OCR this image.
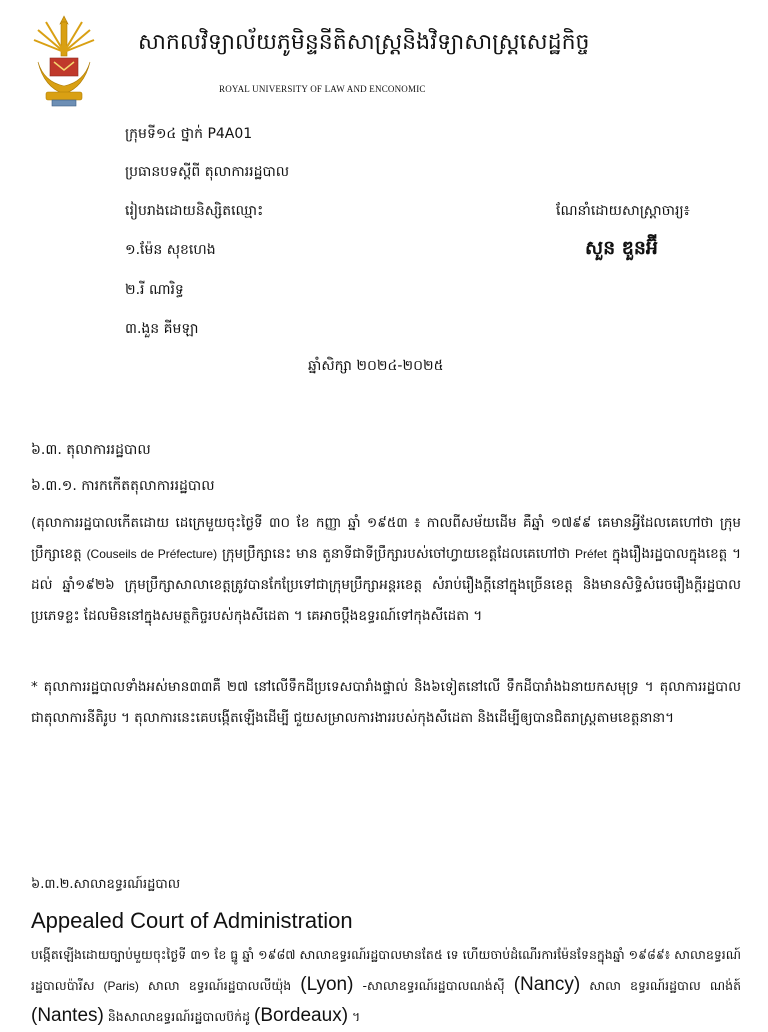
សាកលវិទ្យាល័យភូមិន្ទនីតិសាស្ត្រនិងវិទ្យាសាស្ត្រសេដ្ឋកិច្ច
ROYAL UNIVERSITY OF LAW AND ENCONOMIC
ក្រុមទី១៤ ថ្នាក់ P4A01
ប្រធានបទស្តីពី តុលាការរដ្ឋបាល
រៀបរាងដោយនិស្សិតឈ្មោះ
១.ម៉ែន សុខហេង
២.រី ណារិទ្ធ
៣.ងួន គីមឡា
ណែនាំដោយសាស្ត្រាចារ្យ៖
សួន ឌួនអ៊ី
ឆ្នាំសិក្សា ២០២៤-២០២៥
៦.៣. តុលាការរដ្ឋបាល
៦.៣.១. ការកកើតតុលាការរដ្ឋបាល
(តុលាការរដ្ឋបាលកើតដោយ ដេក្រេមួយចុះថ្ងៃទី ៣០ ខែ កញ្ញា ឆ្នាំ ១៩៥៣ ៖ កាលពីសម័យដើម គឺឆ្នាំ ១៧៩៩ គេមានអ្វីដែលគេហៅថា ក្រុមប្រឹក្សាខេត្ត (Couseils de Préfecture) ក្រុមប្រឹក្សានេះ មាន តួនាទីជាទីប្រឹក្សារបស់ចៅហ្វាយខេត្តដែលគេហៅថា Préfet ក្នុងរឿងរដ្ឋបាលក្នុងខេត្ត ។ ដល់ ឆ្នាំ១៩២៦ ក្រុមប្រឹក្សាសាលាខេត្តត្រូវបានកែប្រែទៅជាក្រុមប្រឹក្សាអន្តរខេត្ត សំរាប់រឿងក្តីនៅក្នុងច្រើនខេត្ត និងមានសិទ្ធិសំរេចរឿងក្តីរដ្ឋបាលប្រភេទខ្លះ ដែលមិននៅក្នុងសមត្ថកិច្ចរបស់កុងសីដេតា ។ គេអាចប្តឹងឧទ្ធរណ៍ទៅកុងសីដេតា ។
* តុលាការរដ្ឋបាលទាំងអស់មាន៣៣គឺ ២៧ នៅលើទឹកដីប្រទេសបារាំងផ្ទាល់ និង៦ទៀតនៅលើ ទឹកដីបារាំងឯនាយកសមុទ្រ ។ តុលាការរដ្ឋបាលជាតុលាការនីតិរូប ។ តុលាការនេះគេបង្កើតឡើងដើម្បី ជួយសម្រាលការងាររបស់កុងសីដេតា និងដើម្បីឲ្យបានជិតរាស្ត្រតាមខេត្តនានា។
៦.៣.២.សាលាឧទ្ធរណ៍រដ្ឋបាល
Appealed Court of Administration
បង្កើតឡើងដោយច្បាប់មួយចុះថ្ងៃទី ៣១ ខែ ធ្នូ ឆ្នាំ ១៩៨៧ សាលាឧទ្ធរណ៍រដ្ឋបាលមានតែ៥ ទេ ហើយចាប់ដំណើរការម៉ែនទែនក្នុងឆ្នាំ ១៩៨៩៖ សាលាឧទ្ធរណ៍រដ្ឋបាលប៉ារីស (Paris) សាលា ឧទ្ធរណ៍រដ្ឋបាលលីយ៉ុង (Lyon) -សាលាឧទ្ធរណ៍រដ្ឋបាលណង់ស៊ី (Nancy) សាលា ឧទ្ធរណ៍រដ្ឋបាល ណង់ត៍ (Nantes) និងសាលាឧទ្ធរណ៍រដ្ឋបាលប៊ក់ដូ (Bordeaux) ។
